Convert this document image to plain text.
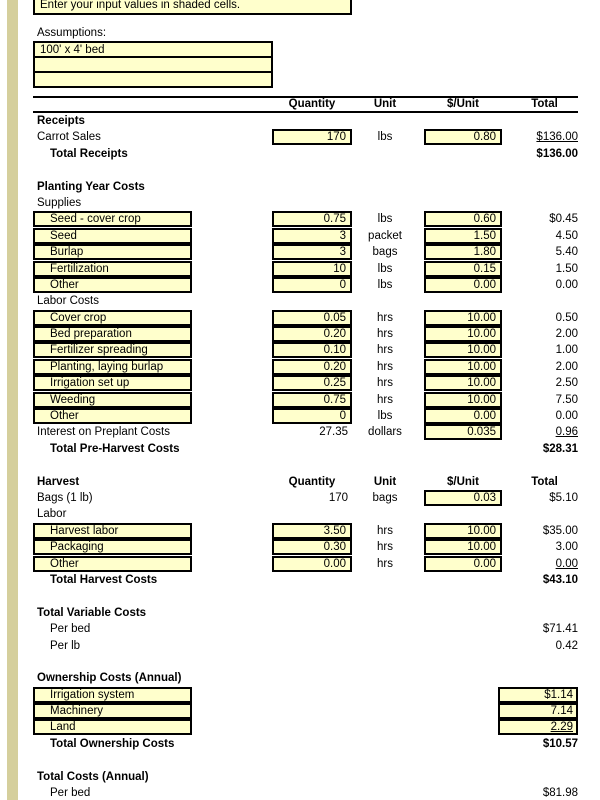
Enter your input values in shaded cells.
Assumptions:
100' x 4' bed
Quantity	Unit	$/Unit	Total
Receipts
Carrot Sales	170	lbs	0.80	$136.00
Total Receipts	$136.00
Planting Year Costs
Supplies
Seed - cover crop	0.75	lbs	0.60	$0.45
Seed	3	packet	1.50	4.50
Burlap	3	bags	1.80	5.40
Fertilization	10	lbs	0.15	1.50
Other	0	lbs	0.00	0.00
Labor Costs
Cover crop	0.05	hrs	10.00	0.50
Bed preparation	0.20	hrs	10.00	2.00
Fertilizer spreading	0.10	hrs	10.00	1.00
Planting, laying burlap	0.20	hrs	10.00	2.00
Irrigation set up	0.25	hrs	10.00	2.50
Weeding	0.75	hrs	10.00	7.50
Other	0	lbs	0.00	0.00
Interest on Preplant Costs	27.35	dollars	0.035	0.96
Total Pre-Harvest Costs	$28.31
Harvest	Quantity	Unit	$/Unit	Total
Bags (1 lb)	170	bags	0.03	$5.10
Labor
Harvest labor	3.50	hrs	10.00	$35.00
Packaging	0.30	hrs	10.00	3.00
Other	0.00	hrs	0.00	0.00
Total Harvest Costs	$43.10
Total Variable Costs
Per bed	$71.41
Per lb	0.42
Ownership Costs (Annual)
Irrigation system	$1.14
Machinery	7.14
Land	2.29
Total Ownership Costs	$10.57
Total Costs (Annual)
Per bed	$81.98
